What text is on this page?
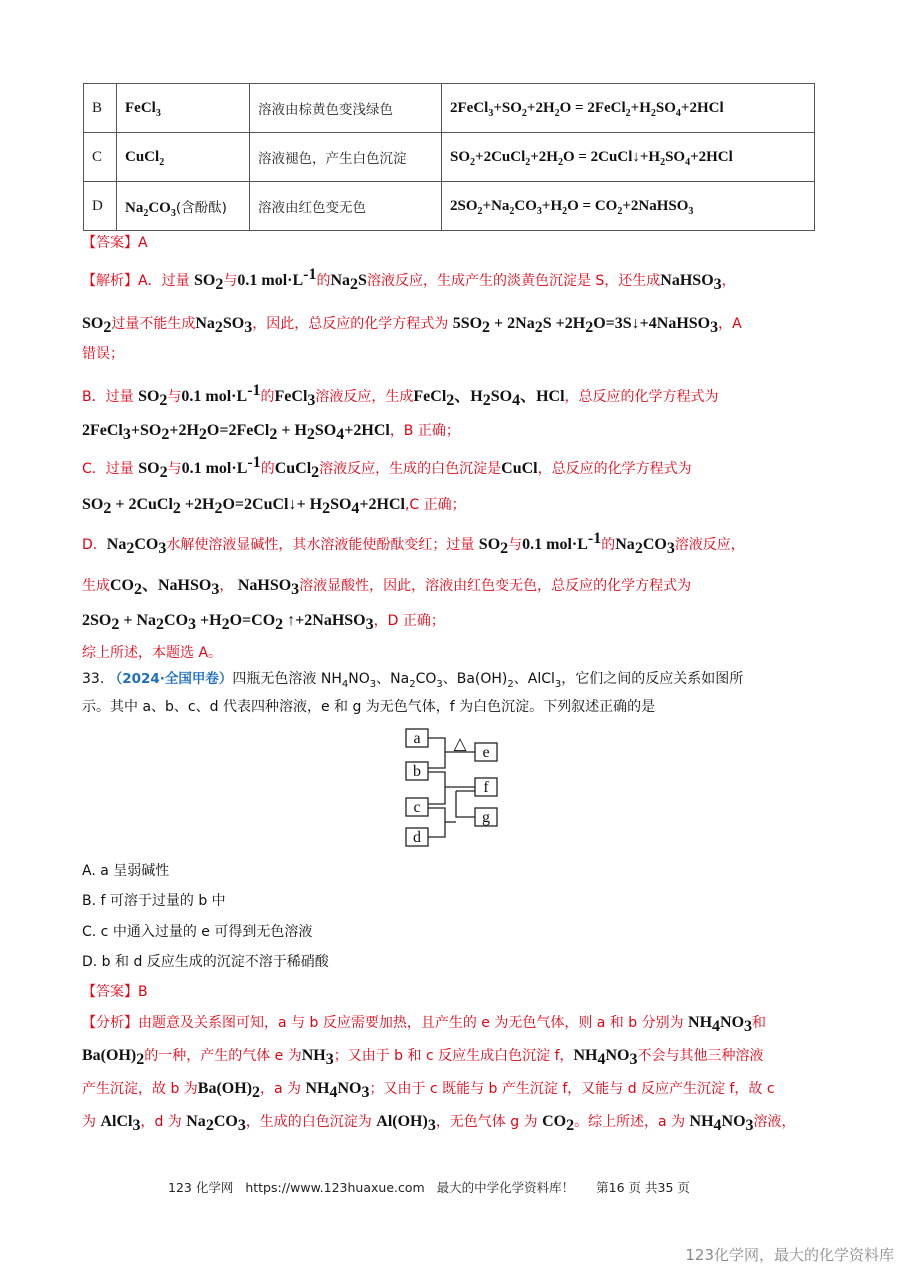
B	FeCl$_3$	溶液由棕黄色变浅绿色	$2FeCl_3+SO_2+2H_2O$ = $2FeCl_2+H_2SO_4+2HCl$
C	CuCl$_2$	溶液褪色，产生白色沉淀	$SO_2+2CuCl_2+2H_2O$ = $2CuCl↓+H_2SO_4+2HCl$
D	$Na_2CO_3$(含酚酞)	溶液由红色变无色	$2SO_2+Na_2CO_3+H_2O$ = $CO_2+2NaHSO_3$
【答案】A
【解析】A．过量 $SO_2$与0.1 $mol\cdot L^{-1}$的$Na_2S$溶液反应，生成产生的淡黄色沉淀是 S，还生成NaHSO$_3$，
$SO_2$过量不能生成$Na_2SO_3$，因此，总反应的化学方程式为 $5SO_2 + 2Na_2S$ $+2H_2O=3S↓+4NaHSO_3$，A
错误；
B．过量 $SO_2$与0.1 $mol\cdot L^{-1}$的FeCl$_3$溶液反应，生成FeCl$_2$、$H_2SO_4$、HCl，总反应的化学方程式为
$2FeCl_3+SO_2+2H_2O=2FeCl_2 + H_2SO_4+2HCl$，B 正确；
C．过量 $SO_2$与0.1 $mol\cdot L^{-1}$的CuCl$_2$溶液反应，生成的白色沉淀是CuCl，总反应的化学方程式为
$SO_2$ + 2CuCl$_2$ $+2H_2O=2CuCl↓+ H_2SO_4+2HCl,C$ 正确；
D．$Na_2CO_3$水解使溶液显碱性，其水溶液能使酚酞变红；过量 $SO_2$与0.1 $mol\cdot L^{-1}$的$Na_2CO_3$溶液反应，
生成$CO_2$、NaHSO$_3$， NaHSO$_3$溶液显酸性，因此，溶液由红色变无色，总反应的化学方程式为
$2SO_2 + Na_2CO_3 +H_2O=CO_2$ ↑+2NaHSO$_3$，D 正确；
综上所述，本题选 A。
33. （2024·全国甲卷）四瓶无色溶液 $NH_4NO_3$、$Na_2CO_3$、$Ba(OH)_2$、AlCl$_3$，它们之间的反应关系如图所
示。其中 a、b、c、d 代表四种溶液，e 和 g 为无色气体，f 为白色沉淀。下列叙述正确的是
a
b
c
d
e
f
g
△
A. a 呈弱碱性
B. f 可溶于过量的 b 中
C. c 中通入过量的 e 可得到无色溶液
D. b 和 d 反应生成的沉淀不溶于稀硝酸
【答案】B
【分析】由题意及关系图可知，a 与 b 反应需要加热，且产生的 e 为无色气体，则 a 和 b 分别为 $NH_4NO_3$和
$Ba(OH)_2$的一种，产生的气体 e 为$NH_3$；又由于 b 和 c 反应生成白色沉淀 f，$NH_4NO_3$不会与其他三种溶液
产生沉淀，故 b 为$Ba(OH)_2$，a 为 $NH_4NO_3$；又由于 c 既能与 b 产生沉淀 f，又能与 d 反应产生沉淀 f，故 c
为 AlCl$_3$，d 为 $Na_2CO_3$，生成的白色沉淀为 $Al(OH)_3$，无色气体 g 为 $CO_2$。综上所述，a 为 $NH_4NO_3$溶液，
123 化学网 https://www.123huaxue.com 最大的中学化学资料库！ 第16 页 共35 页
123化学网，最大的化学资料库
